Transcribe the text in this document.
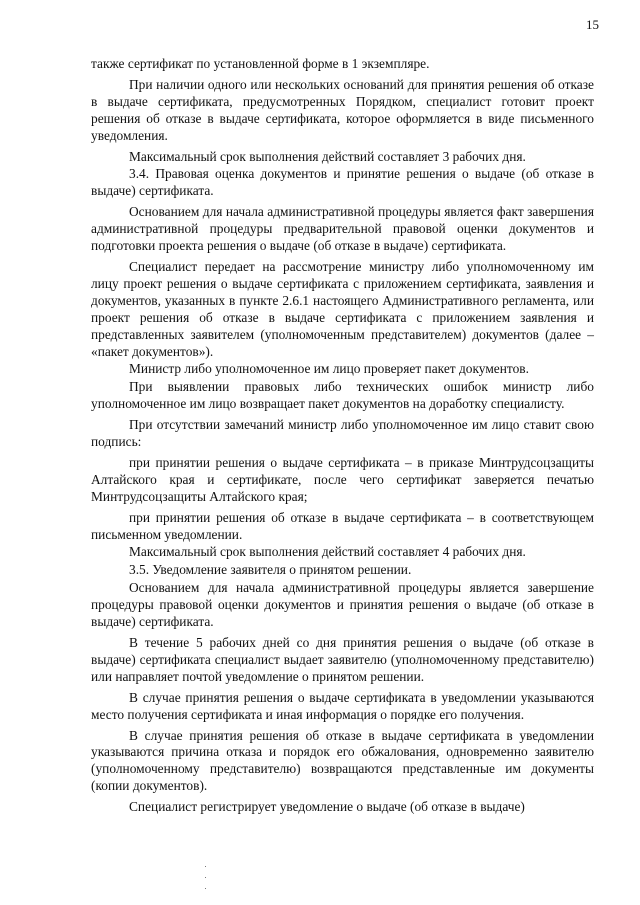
15

также сертификат по установленной форме в 1 экземпляре.

При наличии одного или нескольких оснований для принятия решения об отказе в выдаче сертификата, предусмотренных Порядком, специалист готовит проект решения об отказе в выдаче сертификата, которое оформляется в виде письменного уведомления.

Максимальный срок выполнения действий составляет 3 рабочих дня.

3.4. Правовая оценка документов и принятие решения о выдаче (об отказе в выдаче) сертификата.

Основанием для начала административной процедуры является факт завершения административной процедуры предварительной правовой оценки документов и подготовки проекта решения о выдаче (об отказе в выдаче) сертификата.

Специалист передает на рассмотрение министру либо уполномоченному им лицу проект решения о выдаче сертификата с приложением сертификата, заявления и документов, указанных в пункте 2.6.1 настоящего Административного регламента, или проект решения об отказе в выдаче сертификата с приложением заявления и представленных заявителем (уполномоченным представителем) документов (далее – «пакет документов»).

Министр либо уполномоченное им лицо проверяет пакет документов.

При выявлении правовых либо технических ошибок министр либо уполномоченное им лицо возвращает пакет документов на доработку специалисту.

При отсутствии замечаний министр либо уполномоченное им лицо ставит свою подпись:

при принятии решения о выдаче сертификата – в приказе Минтрудсоцзащиты Алтайского края и сертификате, после чего сертификат заверяется печатью Минтрудсоцзащиты Алтайского края;

при принятии решения об отказе в выдаче сертификата – в соответствующем письменном уведомлении.

Максимальный срок выполнения действий составляет 4 рабочих дня.

3.5. Уведомление заявителя о принятом решении.

Основанием для начала административной процедуры является завершение процедуры правовой оценки документов и принятия решения о выдаче (об отказе в выдаче) сертификата.

В течение 5 рабочих дней со дня принятия решения о выдаче (об отказе в выдаче) сертификата специалист выдает заявителю (уполномоченному представителю) или направляет почтой уведомление о принятом решении.

В случае принятия решения о выдаче сертификата в уведомлении указываются место получения сертификата и иная информация о порядке его получения.

В случае принятия решения об отказе в выдаче сертификата в уведомлении указываются причина отказа и порядок его обжалования, одновременно заявителю (уполномоченному представителю) возвращаются представленные им документы (копии документов).

Специалист регистрирует уведомление о выдаче (об отказе в выдаче)
